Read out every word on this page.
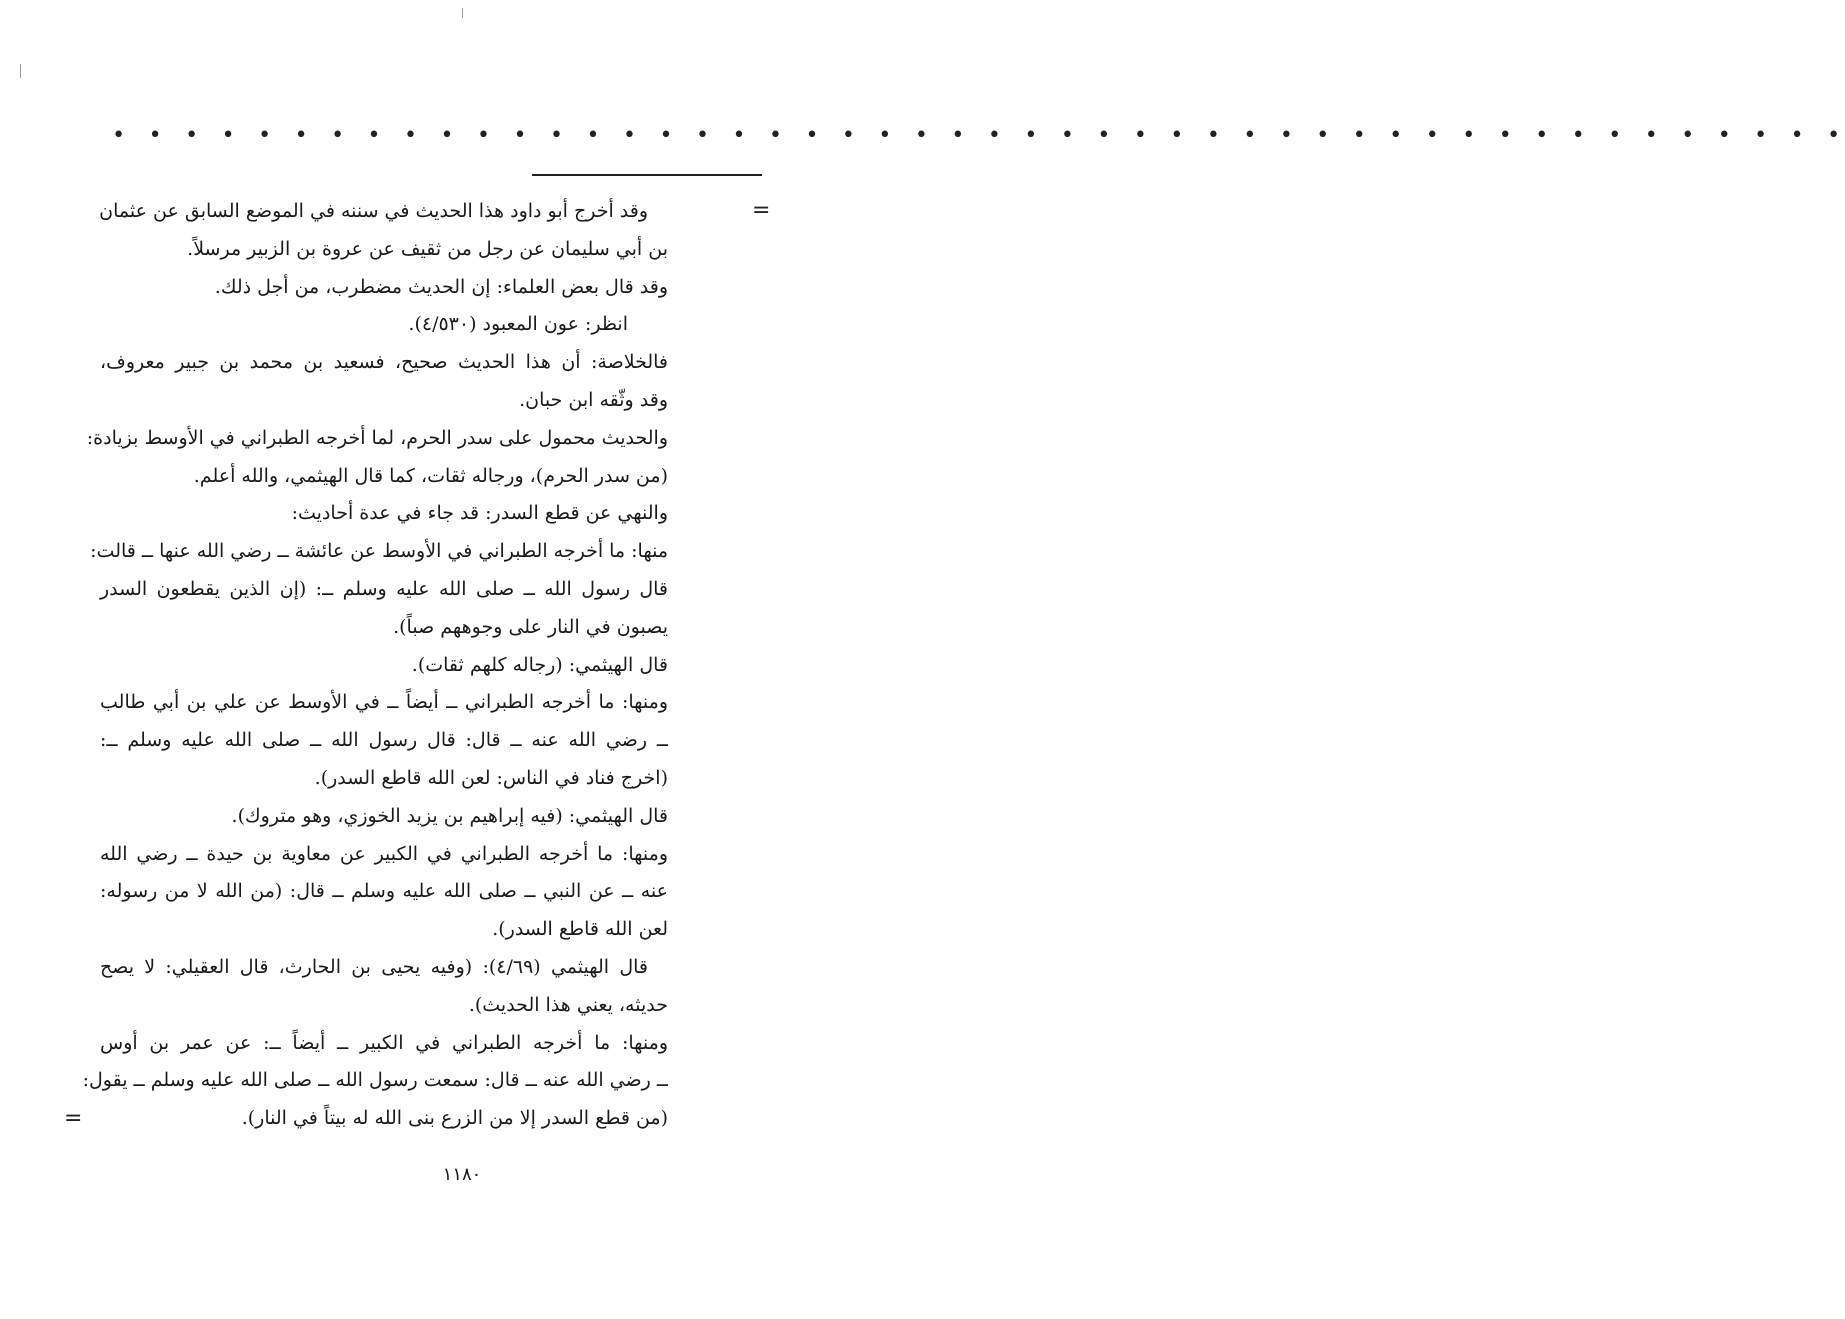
• • • • • • • • • • • • • • • • • • • • • • • • • • • • • • • • • • • • • • • • • • • • • • • •
=
=
وقد أخرج أبو داود هذا الحديث في سننه في الموضع السابق عن عثمان
بن أبي سليمان عن رجل من ثقيف عن عروة بن الزبير مرسلاً.
وقد قال بعض العلماء: إن الحديث مضطرب، من أجل ذلك.
انظر: عون المعبود (٤/٥٣٠).
فالخلاصة: أن هذا الحديث صحيح، فسعيد بن محمد بن جبير معروف،
وقد وثّقه ابن حبان.
والحديث محمول على سدر الحرم، لما أخرجه الطبراني في الأوسط بزيادة:
(من سدر الحرم)، ورجاله ثقات، كما قال الهيثمي، والله أعلم.
والنهي عن قطع السدر: قد جاء في عدة أحاديث:
منها: ما أخرجه الطبراني في الأوسط عن عائشة ــ رضي الله عنها ــ قالت:
قال رسول الله ــ صلى الله عليه وسلم ــ: (إن الذين يقطعون السدر
يصبون في النار على وجوههم صباً).
قال الهيثمي: (رجاله كلهم ثقات).
ومنها: ما أخرجه الطبراني ــ أيضاً ــ في الأوسط عن علي بن أبي طالب
ــ رضي الله عنه ــ قال: قال رسول الله ــ صلى الله عليه وسلم ــ:
(اخرج فناد في الناس: لعن الله قاطع السدر).
قال الهيثمي: (فيه إبراهيم بن يزيد الخوزي، وهو متروك).
ومنها: ما أخرجه الطبراني في الكبير عن معاوية بن حيدة ــ رضي الله
عنه ــ عن النبي ــ صلى الله عليه وسلم ــ قال: (من الله لا من رسوله:
لعن الله قاطع السدر).
قال الهيثمي (٤/٦٩): (وفيه يحيى بن الحارث، قال العقيلي: لا يصح
حديثه، يعني هذا الحديث).
ومنها: ما أخرجه الطبراني في الكبير ــ أيضاً ــ: عن عمر بن أوس
ــ رضي الله عنه ــ قال: سمعت رسول الله ــ صلى الله عليه وسلم ــ يقول:
(من قطع السدر إلا من الزرع بنى الله له بيتاً في النار).
١١٨٠
